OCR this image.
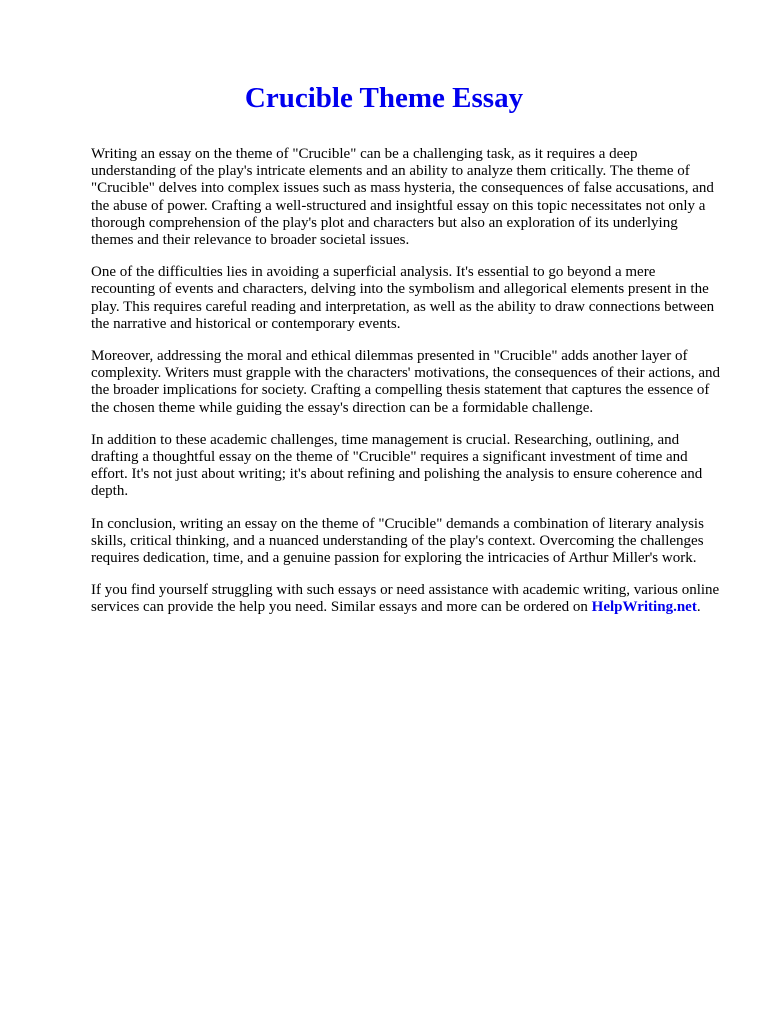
Crucible Theme Essay

Writing an essay on the theme of "Crucible" can be a challenging task, as it requires a deep understanding of the play's intricate elements and an ability to analyze them critically. The theme of "Crucible" delves into complex issues such as mass hysteria, the consequences of false accusations, and the abuse of power. Crafting a well-structured and insightful essay on this topic necessitates not only a thorough comprehension of the play's plot and characters but also an exploration of its underlying themes and their relevance to broader societal issues.

One of the difficulties lies in avoiding a superficial analysis. It's essential to go beyond a mere recounting of events and characters, delving into the symbolism and allegorical elements present in the play. This requires careful reading and interpretation, as well as the ability to draw connections between the narrative and historical or contemporary events.

Moreover, addressing the moral and ethical dilemmas presented in "Crucible" adds another layer of complexity. Writers must grapple with the characters' motivations, the consequences of their actions, and the broader implications for society. Crafting a compelling thesis statement that captures the essence of the chosen theme while guiding the essay's direction can be a formidable challenge.

In addition to these academic challenges, time management is crucial. Researching, outlining, and drafting a thoughtful essay on the theme of "Crucible" requires a significant investment of time and effort. It's not just about writing; it's about refining and polishing the analysis to ensure coherence and depth.

In conclusion, writing an essay on the theme of "Crucible" demands a combination of literary analysis skills, critical thinking, and a nuanced understanding of the play's context. Overcoming the challenges requires dedication, time, and a genuine passion for exploring the intricacies of Arthur Miller's work.

If you find yourself struggling with such essays or need assistance with academic writing, various online services can provide the help you need. Similar essays and more can be ordered on HelpWriting.net.
